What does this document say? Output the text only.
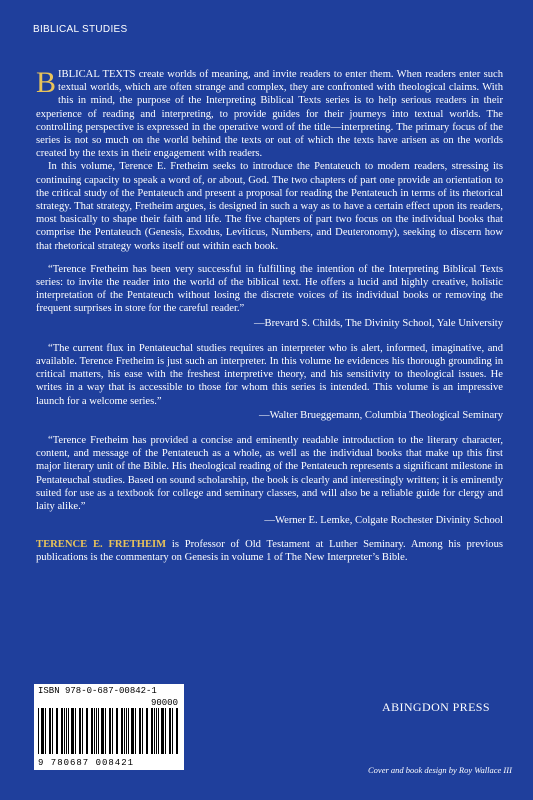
BIBLICAL STUDIES

BIBLICAL TEXTS create worlds of meaning, and invite readers to enter them. When readers enter such textual worlds, which are often strange and complex, they are confronted with theological claims. With this in mind, the purpose of the Interpreting Biblical Texts series is to help serious readers in their experience of reading and interpreting, to provide guides for their journeys into textual worlds. The controlling perspective is expressed in the operative word of the title—interpreting. The primary focus of the series is not so much on the world behind the texts or out of which the texts have arisen as on the worlds created by the texts in their engagement with readers.

In this volume, Terence E. Fretheim seeks to introduce the Pentateuch to modern readers, stressing its continuing capacity to speak a word of, or about, God. The two chapters of part one provide an orientation to the critical study of the Pentateuch and present a proposal for reading the Pentateuch in terms of its rhetorical strategy. That strategy, Fretheim argues, is designed in such a way as to have a certain effect upon its readers, most basically to shape their faith and life. The five chapters of part two focus on the individual books that comprise the Pentateuch (Genesis, Exodus, Leviticus, Numbers, and Deuteronomy), seeking to discern how that rhetorical strategy works itself out within each book.

“Terence Fretheim has been very successful in fulfilling the intention of the Interpreting Biblical Texts series: to invite the reader into the world of the biblical text. He offers a lucid and highly creative, holistic interpretation of the Pentateuch without losing the discrete voices of its individual books or removing the frequent surprises in store for the careful reader.”

—Brevard S. Childs, The Divinity School, Yale University

“The current flux in Pentateuchal studies requires an interpreter who is alert, informed, imaginative, and available. Terence Fretheim is just such an interpreter. In this volume he evidences his thorough grounding in critical matters, his ease with the freshest interpretive theory, and his sensitivity to theological issues. He writes in a way that is accessible to those for whom this series is intended. This volume is an impressive launch for a welcome series.”

—Walter Brueggemann, Columbia Theological Seminary

“Terence Fretheim has provided a concise and eminently readable introduction to the literary character, content, and message of the Pentateuch as a whole, as well as the individual books that make up this first major literary unit of the Bible. His theological reading of the Pentateuch represents a significant milestone in Pentateuchal studies. Based on sound scholarship, the book is clearly and interestingly written; it is eminently suited for use as a textbook for college and seminary classes, and will also be a reliable guide for clergy and laity alike.”

—Werner E. Lemke, Colgate Rochester Divinity School

TERENCE E. FRETHEIM is Professor of Old Testament at Luther Seminary. Among his previous publications is the commentary on Genesis in volume 1 of The New Interpreter’s Bible.

ISBN 978-0-687-00842-1
90000
9 780687 008421
ABINGDON PRESS
Cover and book design by Roy Wallace III
